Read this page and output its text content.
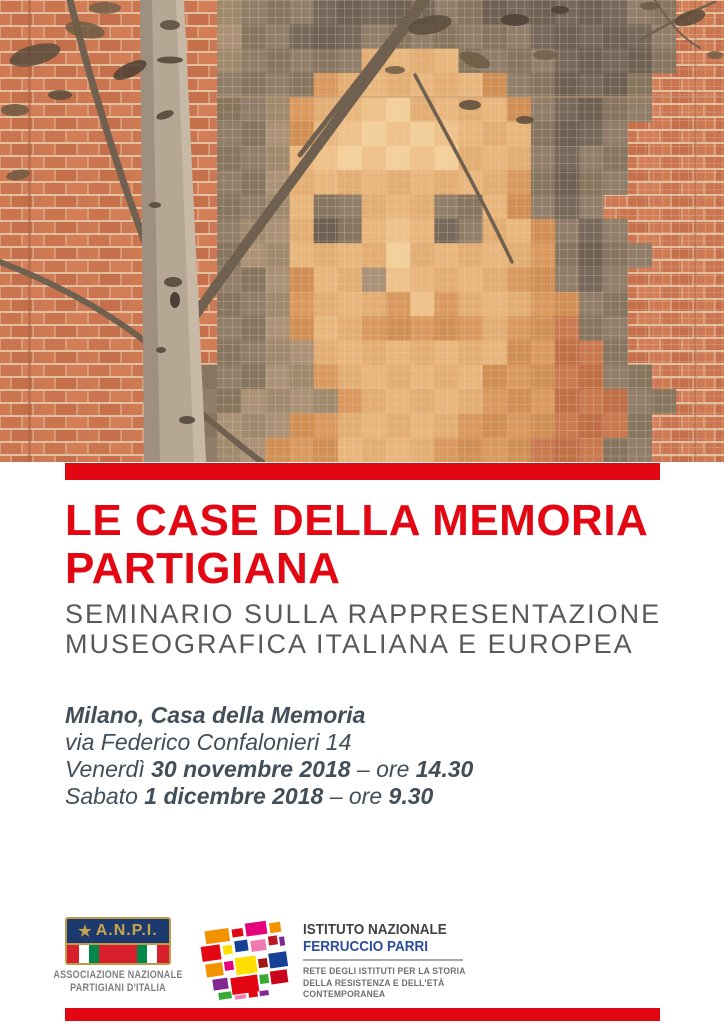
LE CASE DELLA MEMORIA
PARTIGIANA
SEMINARIO SULLA RAPPRESENTAZIONE
MUSEOGRAFICA ITALIANA E EUROPEA
Milano, Casa della Memoria
via Federico Confalonieri 14
Venerdì 30 novembre 2018 – ore 14.30
Sabato 1 dicembre 2018 – ore 9.30
★ A.N.P.I.
ASSOCIAZIONE NAZIONALE
PARTIGIANI D'ITALIA
ISTITUTO NAZIONALE
FERRUCCIO PARRI
RETE DEGLI ISTITUTI PER LA STORIA
DELLA RESISTENZA E DELL'ETÀ
CONTEMPORANEA
